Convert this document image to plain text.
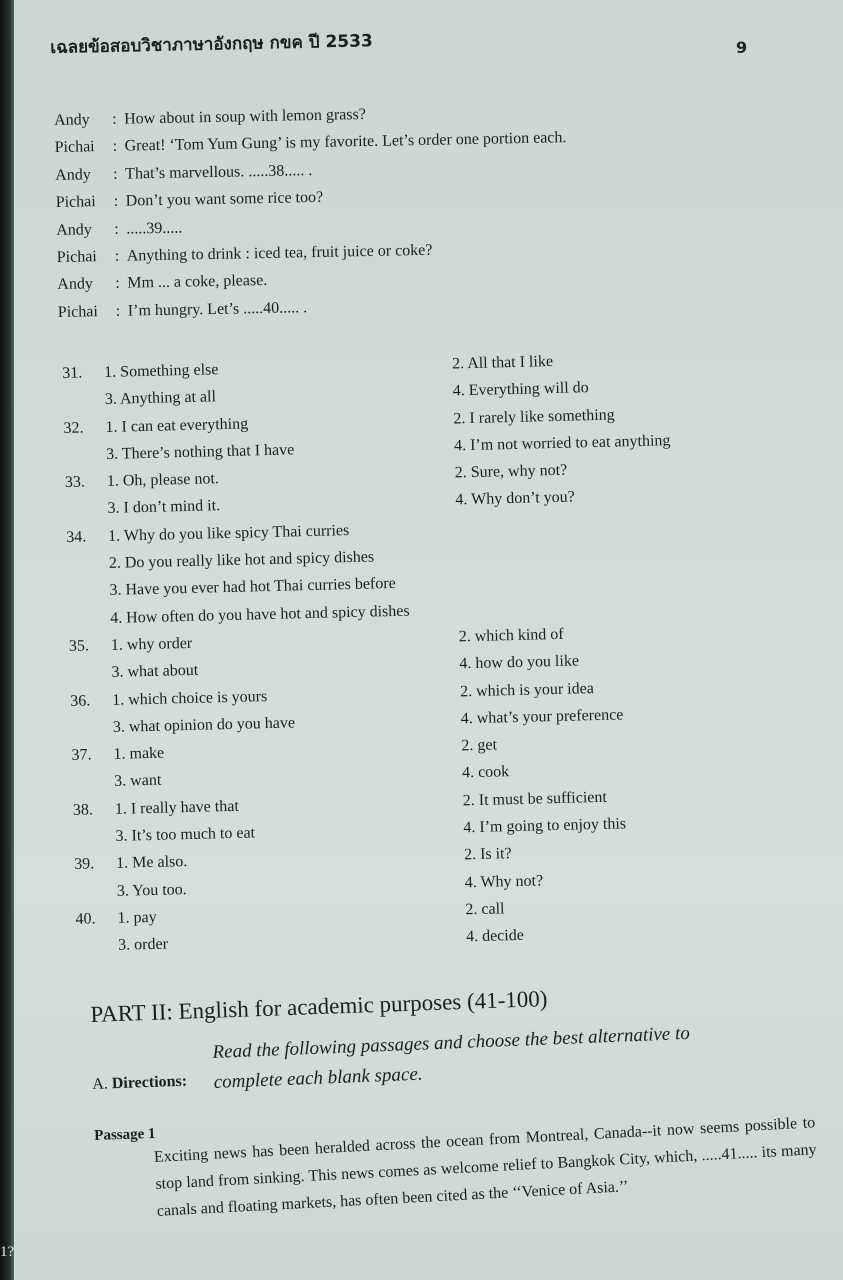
1?
เฉลยข้อสอบวิชาภาษาอังกฤษ กขค ปี 2533	9
Andy : How about in soup with lemon grass?
Pichai : Great! ‘Tom Yum Gung’ is my favorite. Let’s order one portion each.
Andy : That’s marvellous. .....38..... .
Pichai : Don’t you want some rice too?
Andy : .....39.....
Pichai : Anything to drink : iced tea, fruit juice or coke?
Andy : Mm ... a coke, please.
Pichai : I’m hungry. Let’s .....40..... .
31. 1. Something else	2. All that I like
3. Anything at all	4. Everything will do
32. 1. I can eat everything	2. I rarely like something
3. There’s nothing that I have	4. I’m not worried to eat anything
33. 1. Oh, please not.	2. Sure, why not?
3. I don’t mind it.	4. Why don’t you?
34. 1. Why do you like spicy Thai curries
2. Do you really like hot and spicy dishes
3. Have you ever had hot Thai curries before
4. How often do you have hot and spicy dishes
35. 1. why order	2. which kind of
3. what about	4. how do you like
36. 1. which choice is yours	2. which is your idea
3. what opinion do you have	4. what’s your preference
37. 1. make	2. get
3. want	4. cook
38. 1. I really have that	2. It must be sufficient
3. It’s too much to eat	4. I’m going to enjoy this
39. 1. Me also.	2. Is it?
3. You too.	4. Why not?
40. 1. pay	2. call
3. order	4. decide
PART II: English for academic purposes (41-100)
A. Directions:
Read the following passages and choose the best alternative to
complete each blank space.
Passage 1
Exciting news has been heralded across the ocean from Montreal, Canada--it now seems possible to stop land from sinking. This news comes as welcome relief to Bangkok City, which, .....41..... its many canals and floating markets, has often been cited as the ‘‘Venice of Asia.’’
